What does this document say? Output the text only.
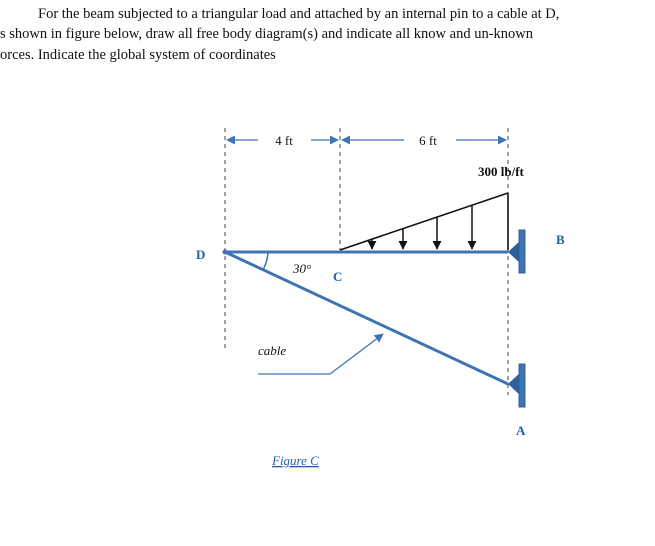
For the beam subjected to a triangular load and attached by an internal pin to a cable at D,
s shown in figure below, draw all free body diagram(s) and indicate all know and un-known
orces. Indicate the global system of coordinates
4 ft	6 ft
300 lb/ft
30°
B
D
C
A
cable
Figure C
